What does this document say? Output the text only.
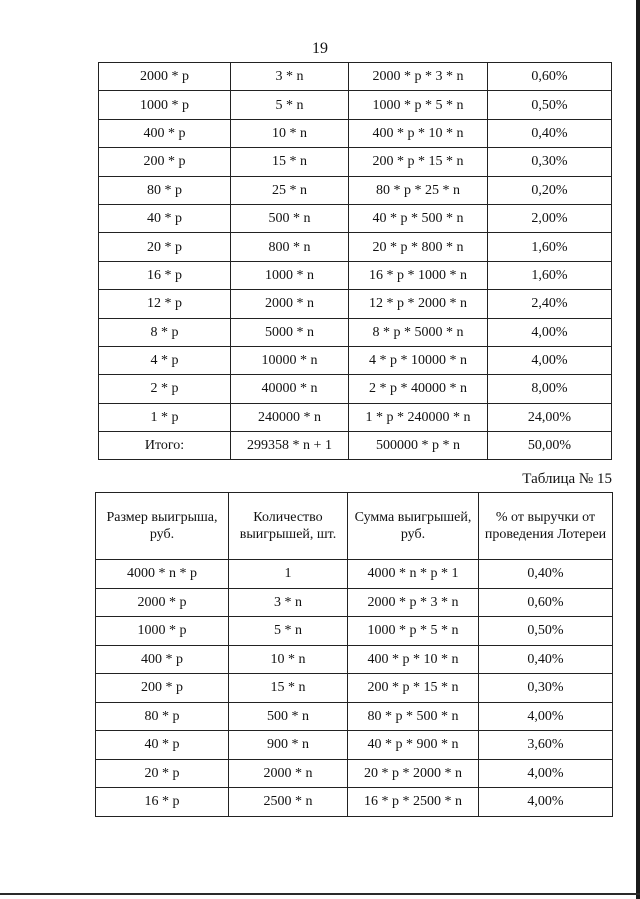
19
2000 * p	3 * n	2000 * p * 3 * n	0,60%
1000 * p	5 * n	1000 * p * 5 * n	0,50%
400 * p	10 * n	400 * p * 10 * n	0,40%
200 * p	15 * n	200 * p * 15 * n	0,30%
80 * p	25 * n	80 * p * 25 * n	0,20%
40 * p	500 * n	40 * p * 500 * n	2,00%
20 * p	800 * n	20 * p * 800 * n	1,60%
16 * p	1000 * n	16 * p * 1000 * n	1,60%
12 * p	2000 * n	12 * p * 2000 * n	2,40%
8 * p	5000 * n	8 * p * 5000 * n	4,00%
4 * p	10000 * n	4 * p * 10000 * n	4,00%
2 * p	40000 * n	2 * p * 40000 * n	8,00%
1 * p	240000 * n	1 * p * 240000 * n	24,00%
Итого:	299358 * n + 1	500000 * p * n	50,00%
Таблица № 15
Размер выигрыша, руб.	Количество выигрышей, шт.	Сумма выигрышей, руб.	% от выручки от проведения Лотереи
4000 * n * p	1	4000 * n * p * 1	0,40%
2000 * p	3 * n	2000 * p * 3 * n	0,60%
1000 * p	5 * n	1000 * p * 5 * n	0,50%
400 * p	10 * n	400 * p * 10 * n	0,40%
200 * p	15 * n	200 * p * 15 * n	0,30%
80 * p	500 * n	80 * p * 500 * n	4,00%
40 * p	900 * n	40 * p * 900 * n	3,60%
20 * p	2000 * n	20 * p * 2000 * n	4,00%
16 * p	2500 * n	16 * p * 2500 * n	4,00%
